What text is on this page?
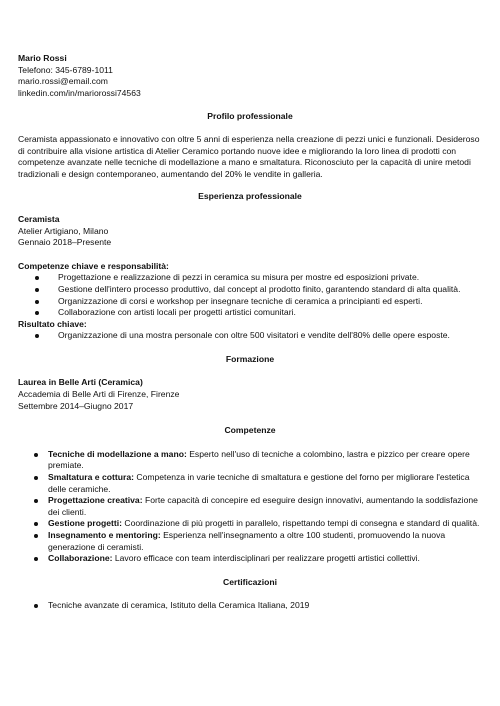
Mario Rossi
Telefono: 345-6789-1011
mario.rossi@email.com
linkedin.com/in/mariorossi74563
Profilo professionale

Ceramista appassionato e innovativo con oltre 5 anni di esperienza nella creazione di pezzi unici e funzionali. Desideroso di contribuire alla visione artistica di Atelier Ceramico portando nuove idee e migliorando la loro linea di prodotti con competenze avanzate nelle tecniche di modellazione a mano e smaltatura. Riconosciuto per la capacità di unire metodi tradizionali e design contemporaneo, aumentando del 20% le vendite in galleria.

Esperienza professionale
Ceramista
Atelier Artigiano, Milano
Gennaio 2018–Presente
Competenze chiave e responsabilità:
Progettazione e realizzazione di pezzi in ceramica su misura per mostre ed esposizioni private.
Gestione dell'intero processo produttivo, dal concept al prodotto finito, garantendo standard di alta qualità.
Organizzazione di corsi e workshop per insegnare tecniche di ceramica a principianti ed esperti.
Collaborazione con artisti locali per progetti artistici comunitari.
Risultato chiave:
Organizzazione di una mostra personale con oltre 500 visitatori e vendite dell'80% delle opere esposte.
Formazione
Laurea in Belle Arti (Ceramica)
Accademia di Belle Arti di Firenze, Firenze
Settembre 2014–Giugno 2017
Competenze
Tecniche di modellazione a mano: Esperto nell'uso di tecniche a colombino, lastra e pizzico per creare opere premiate.
Smaltatura e cottura: Competenza in varie tecniche di smaltatura e gestione del forno per migliorare l'estetica delle ceramiche.
Progettazione creativa: Forte capacità di concepire ed eseguire design innovativi, aumentando la soddisfazione dei clienti.
Gestione progetti: Coordinazione di più progetti in parallelo, rispettando tempi di consegna e standard di qualità.
Insegnamento e mentoring: Esperienza nell'insegnamento a oltre 100 studenti, promuovendo la nuova generazione di ceramisti.
Collaborazione: Lavoro efficace con team interdisciplinari per realizzare progetti artistici collettivi.
Certificazioni
Tecniche avanzate di ceramica, Istituto della Ceramica Italiana, 2019
